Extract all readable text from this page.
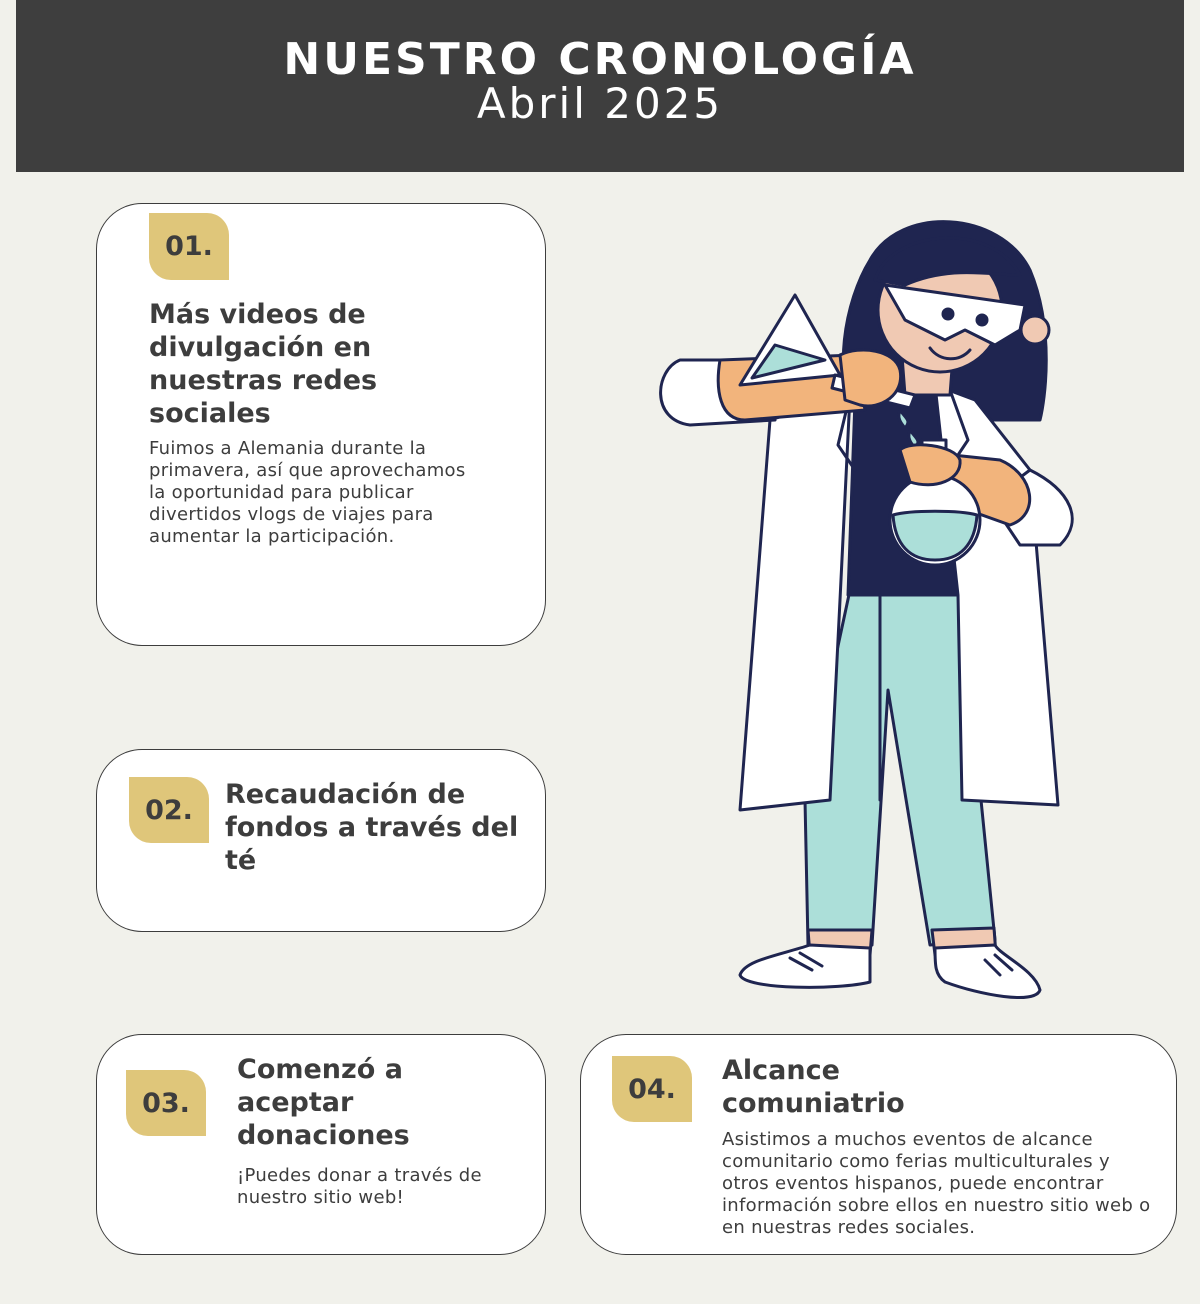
NUESTRO CRONOLOGÍA
Abril 2025
01.
Más videos de divulgación en nuestras redes sociales
Fuimos a Alemania durante la primavera, así que aprovechamos la oportunidad para publicar divertidos vlogs de viajes para aumentar la participación.
02.	Recaudación de fondos a través del té
03.
Comenzó a aceptar donaciones
¡Puedes donar a través de nuestro sitio web!
04.
Alcance comuniatrio
Asistimos a muchos eventos de alcance comunitario como ferias multiculturales y otros eventos hispanos, puede encontrar información sobre ellos en nuestro sitio web o en nuestras redes sociales.
